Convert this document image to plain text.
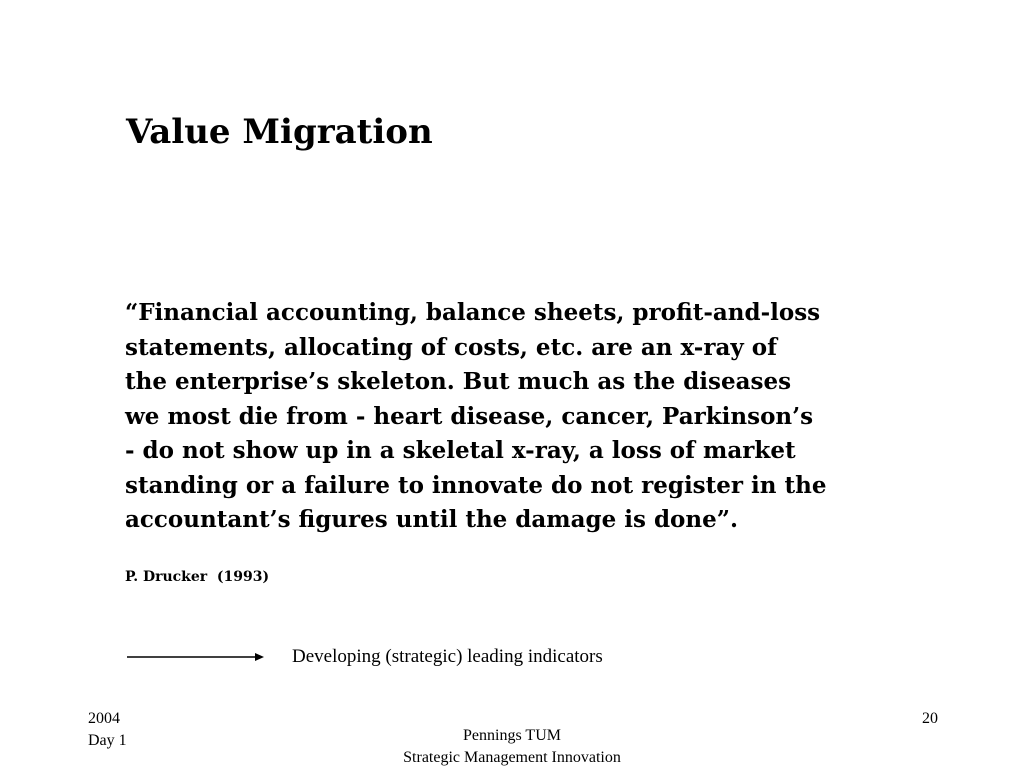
Value Migration

“Financial accounting, balance sheets, profit-and-loss
statements, allocating of costs, etc. are an x-ray of
the enterprise’s skeleton. But much as the diseases
we most die from - heart disease, cancer, Parkinson’s
- do not show up in a skeletal x-ray, a loss of market
standing or a failure to innovate do not register in the
accountant’s figures until the damage is done”.

P. Drucker  (1993)
Developing (strategic) leading indicators
2004
Day 1	Pennings TUM
Strategic Management Innovation
20
